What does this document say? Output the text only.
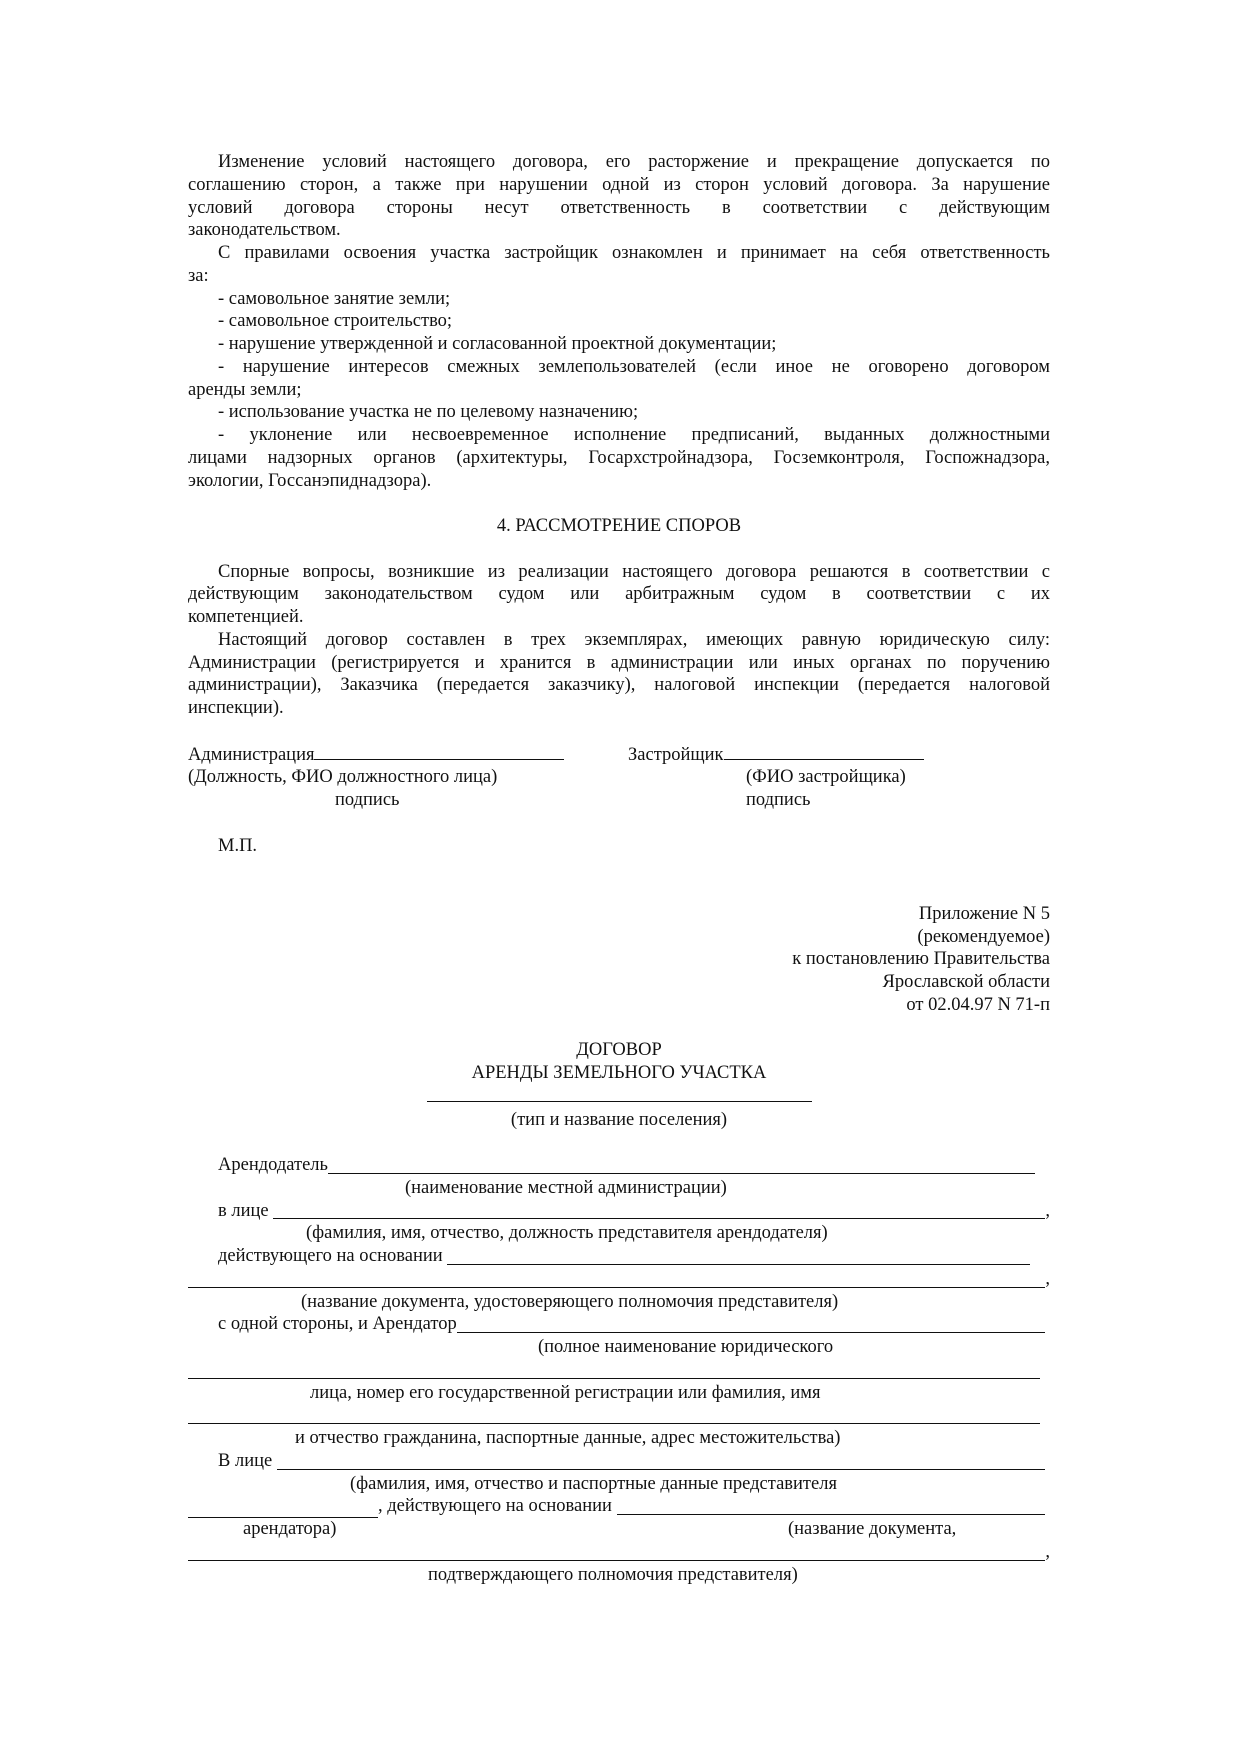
Изменение условий настоящего договора, его расторжение и прекращение допускается по
соглашению сторон, а также при нарушении одной из сторон условий договора. За нарушение
условий договора стороны несут ответственность в соответствии с действующим
законодательством.
С правилами освоения участка застройщик ознакомлен и принимает на себя ответственность
за:
- самовольное занятие земли;
- самовольное строительство;
- нарушение утвержденной и согласованной проектной документации;
- нарушение интересов смежных землепользователей (если иное не оговорено договором
аренды земли;
- использование участка не по целевому назначению;
- уклонение или несвоевременное исполнение предписаний, выданных должностными
лицами надзорных органов (архитектуры, Госархстройнадзора, Госземконтроля, Госпожнадзора,
экологии, Госсанэпиднадзора).
4. РАССМОТРЕНИЕ СПОРОВ
Спорные вопросы, возникшие из реализации настоящего договора решаются в соответствии с
действующим законодательством судом или арбитражным судом в соответствии с их
компетенцией.
Настоящий договор составлен в трех экземплярах, имеющих равную юридическую силу:
Администрации (регистрируется и хранится в администрации или иных органах по поручению
администрации), Заказчика (передается заказчику), налоговой инспекции (передается налоговой
инспекции).
Администрация	Застройщик
(Должность, ФИО должностного лица)	(ФИО застройщика)
подпись	подпись
М.П.
Приложение N 5
(рекомендуемое)
к постановлению Правительства
Ярославской области
от 02.04.97 N 71-п
ДОГОВОР
АРЕНДЫ ЗЕМЕЛЬНОГО УЧАСТКА
(тип и название поселения)
Арендодатель
(наименование местной администрации)
в лице
	,
(фамилия, имя, отчество, должность представителя арендодателя)
действующего на основании

,
(название документа, удостоверяющего полномочия представителя)
с одной стороны, и Арендатор
(полное наименование юридического
лица, номер его государственной регистрации или фамилия, имя
и отчество гражданина, паспортные данные, адрес местожительства)
В лице

(фамилия, имя, отчество и паспортные данные представителя
, действующего на основании

арендатора)	(название документа,
,
подтверждающего полномочия представителя)
